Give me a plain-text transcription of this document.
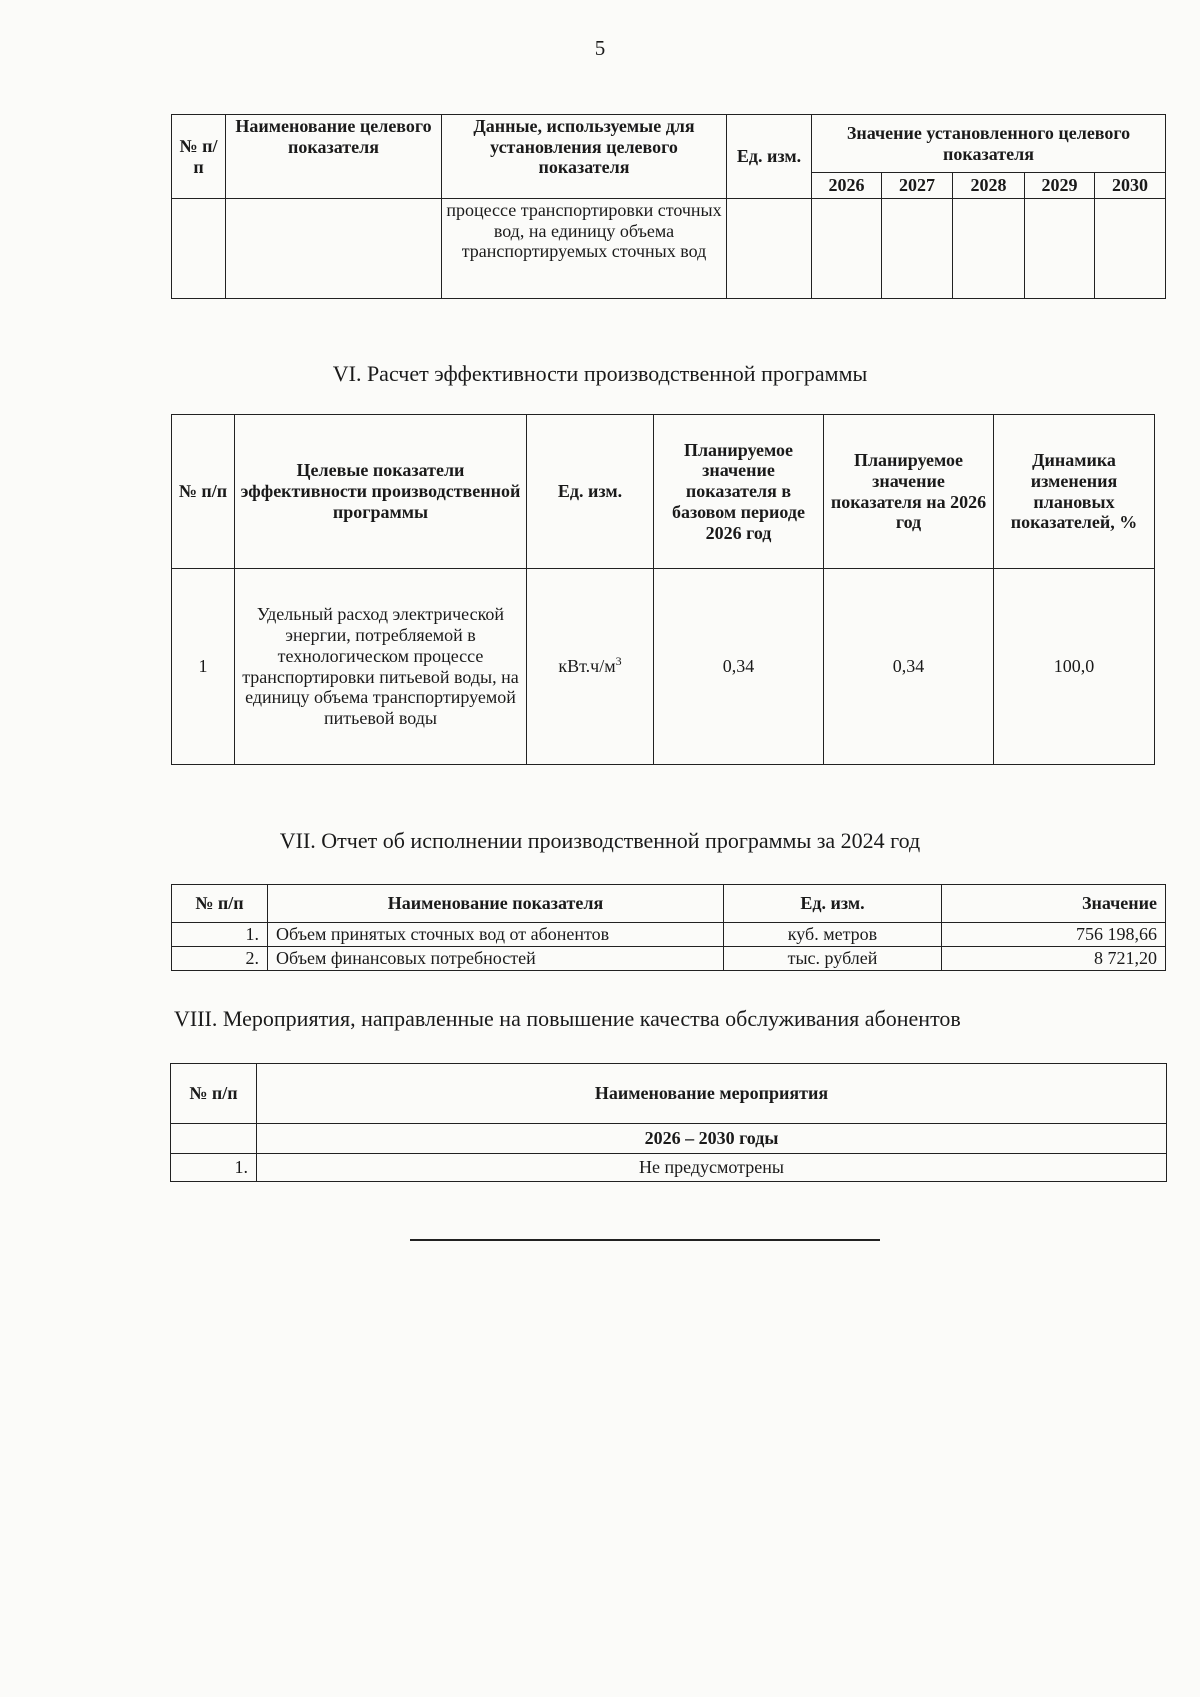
5
№ п/п	Наименование целевого показателя	Данные, используемые для установления целевого показателя	Ед. изм.	Значение установленного целевого показателя				
				2026	2027	2028	2029	2030
		процессе транспортировки сточных вод, на единицу объема транспортируемых сточных вод						
VI. Расчет эффективности производственной программы
№ п/п	Целевые показатели эффективности производственной программы	Ед. изм.	Планируемое значение показателя в базовом периоде 2026 год	Планируемое значение показателя на 2026 год	Динамика изменения плановых показателей, %
1	Удельный расход электрической энергии, потребляемой в технологическом процессе транспортировки питьевой воды, на единицу объема транспортируемой питьевой воды	$кВт.ч/м^3$	0,34	0,34	100,0
VII. Отчет об исполнении производственной программы за 2024 год
№ п/п	Наименование показателя	Ед. изм.	Значение
1.	Объем принятых сточных вод от абонентов	куб. метров	756 198,66
2.	Объем финансовых потребностей	тыс. рублей	8 721,20
VIII. Мероприятия, направленные на повышение качества обслуживания абонентов
№ п/п	Наименование мероприятия
	2026 – 2030 годы
1.	Не предусмотрены
